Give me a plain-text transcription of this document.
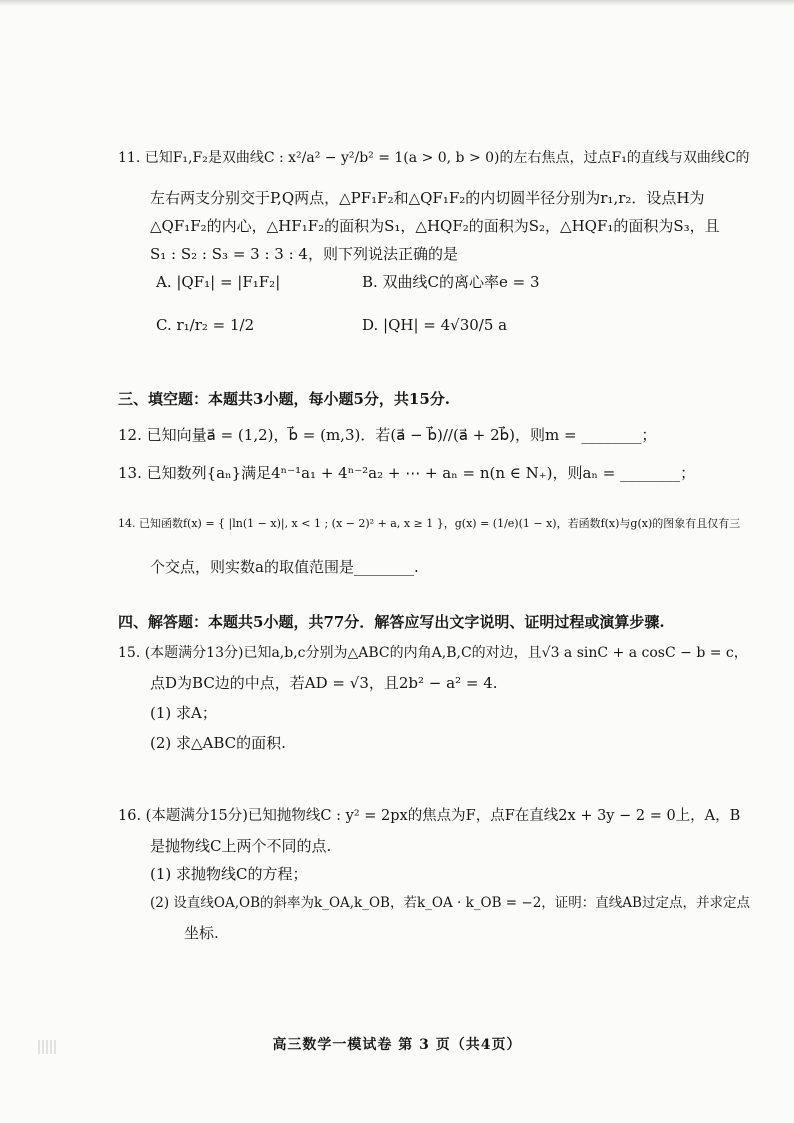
11. 已知F₁,F₂是双曲线C : x²/a² − y²/b² = 1(a > 0, b > 0)的左右焦点，过点F₁的直线与双曲线C的
左右两支分别交于P,Q两点，△PF₁F₂和△QF₁F₂的内切圆半径分别为r₁,r₂．设点H为
△QF₁F₂的内心，△HF₁F₂的面积为S₁，△HQF₂的面积为S₂，△HQF₁的面积为S₃，且
S₁ : S₂ : S₃ = 3 : 3 : 4，则下列说法正确的是
A. |QF₁| = |F₁F₂|	B. 双曲线C的离心率e = 3
C. r₁/r₂ = 1/2	D. |QH| = 4√30/5 a
三、填空题：本题共3小题，每小题5分，共15分.
12. 已知向量a⃗ = (1,2)，b⃗ = (m,3)．若(a⃗ − b⃗)//(a⃗ + 2b⃗)，则m = ________；
13. 已知数列{aₙ}满足4ⁿ⁻¹a₁ + 4ⁿ⁻²a₂ + ⋯ + aₙ = n(n ∈ N₊)，则aₙ = ________；
14. 已知函数f(x) = { |ln(1 − x)|, x < 1 ; (x − 2)² + a, x ≥ 1 }，g(x) = (1/e)(1 − x)，若函数f(x)与g(x)的图象有且仅有三
个交点，则实数a的取值范围是________.
四、解答题：本题共5小题，共77分．解答应写出文字说明、证明过程或演算步骤.
15. (本题满分13分)已知a,b,c分别为△ABC的内角A,B,C的对边，且√3 a sinC + a cosC − b = c，
点D为BC边的中点，若AD = √3，且2b² − a² = 4.
(1) 求A；
(2) 求△ABC的面积.
16. (本题满分15分)已知抛物线C : y² = 2px的焦点为F，点F在直线2x + 3y − 2 = 0上，A，B
是抛物线C上两个不同的点.
(1) 求抛物线C的方程；
(2) 设直线OA,OB的斜率为k_OA,k_OB，若k_OA · k_OB = −2，证明：直线AB过定点，并求定点
坐标.
高三数学一模试卷 第 3 页（共4页）
